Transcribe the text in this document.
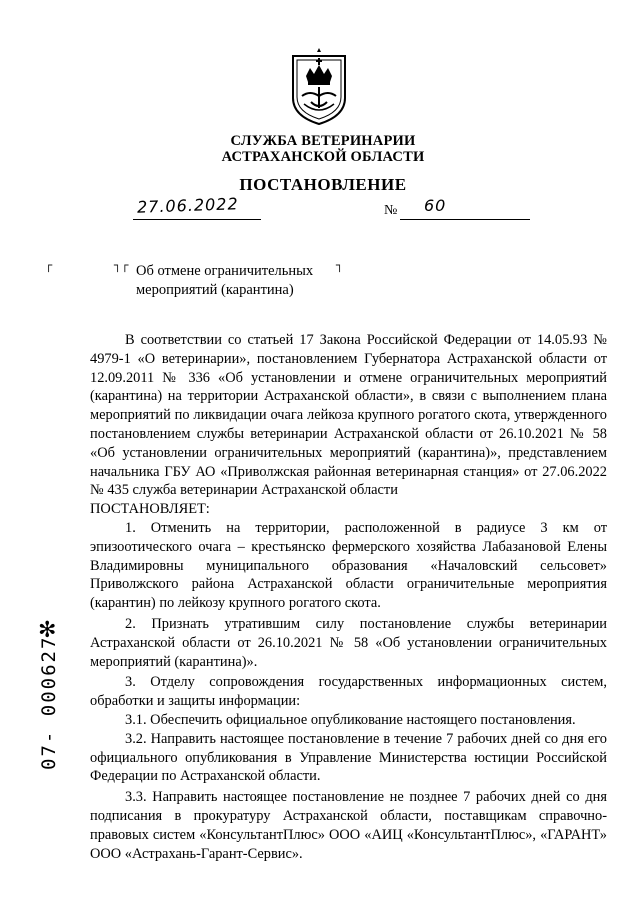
СЛУЖБА ВЕТЕРИНАРИИ
АСТРАХАНСКОЙ ОБЛАСТИ
ПОСТАНОВЛЕНИЕ
27.06.2022	№ 60
┌	┐┌	┐
Об отмене ограничительных
мероприятий (карантина)

В соответствии со статьей 17 Закона Российской Федерации от 14.05.93 № 4979-1 «О ветеринарии», постановлением Губернатора Астраханской области от 12.09.2011 № 336 «Об установлении и отмене ограничительных мероприятий (карантина) на территории Астраханской области», в связи с выполнением плана мероприятий по ликвидации очага лейкоза крупного рогатого скота, утвержденного постановлением службы ветеринарии Астраханской области от 26.10.2021 № 58 «Об установлении ограничительных мероприятий (карантина)», представлением начальника ГБУ АО «Приволжская районная ветеринарная станция» от 27.06.2022 № 435 служба ветеринарии Астраханской области

ПОСТАНОВЛЯЕТ:

1. Отменить на территории, расположенной в радиусе 3 км от эпизоотического очага – крестьянско фермерского хозяйства Лабазановой Елены Владимировны муниципального образования «Началовский сельсовет» Приволжского района Астраханской области ограничительные мероприятия (карантин) по лейкозу крупного рогатого скота.

2. Признать утратившим силу постановление службы ветеринарии Астраханской области от 26.10.2021 № 58 «Об установлении ограничительных мероприятий (карантина)».

3. Отделу сопровождения государственных информационных систем, обработки и защиты информации:

3.1. Обеспечить официальное опубликование настоящего постановления.

3.2. Направить настоящее постановление в течение 7 рабочих дней со дня его официального опубликования в Управление Министерства юстиции Российской Федерации по Астраханской области.

3.3. Направить настоящее постановление не позднее 7 рабочих дней со дня подписания в прокуратуру Астраханской области, поставщикам справочно-правовых систем «КонсультантПлюс» ООО «АИЦ «КонсультантПлюс», «ГАРАНТ» ООО «Астрахань-Гарант-Сервис».

✻
07- 000627
